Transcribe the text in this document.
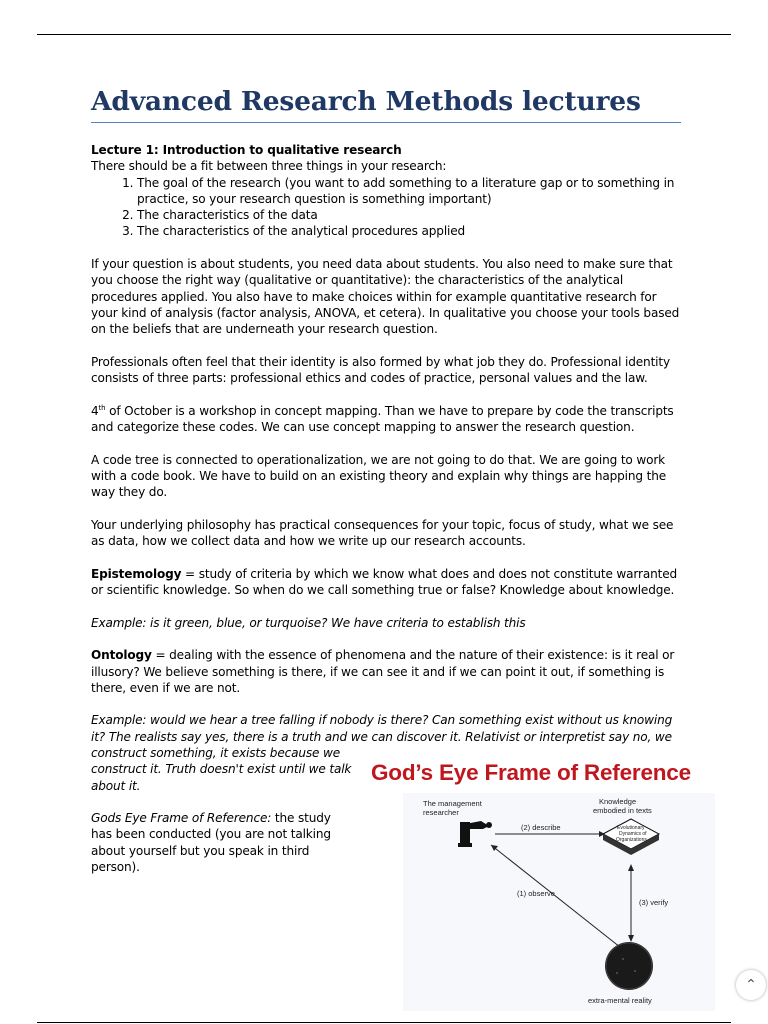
Advanced Research Methods lectures
Lecture 1: Introduction to qualitative research
There should be a fit between three things in your research:
1. The goal of the research (you want to add something to a literature gap or to something in practice, so your research question is something important)
2. The characteristics of the data
3. The characteristics of the analytical procedures applied

If your question is about students, you need data about students. You also need to make sure that you choose the right way (qualitative or quantitative): the characteristics of the analytical procedures applied. You also have to make choices within for example quantitative research for your kind of analysis (factor analysis, ANOVA, et cetera). In qualitative you choose your tools based on the beliefs that are underneath your research question.

Professionals often feel that their identity is also formed by what job they do. Professional identity consists of three parts: professional ethics and codes of practice, personal values and the law.

4th of October is a workshop in concept mapping. Than we have to prepare by code the transcripts and categorize these codes. We can use concept mapping to answer the research question.

A code tree is connected to operationalization, we are not going to do that. We are going to work with a code book. We have to build on an existing theory and explain why things are happing the way they do.

Your underlying philosophy has practical consequences for your topic, focus of study, what we see as data, how we collect data and how we write up our research accounts.

Epistemology = study of criteria by which we know what does and does not constitute warranted or scientific knowledge. So when do we call something true or false? Knowledge about knowledge.

Example: is it green, blue, or turquoise? We have criteria to establish this

Ontology = dealing with the essence of phenomena and the nature of their existence: is it real or illusory? We believe something is there, if we can see it and if we can point it out, if something is there, even if we are not.

Example: would we hear a tree falling if nobody is there? Can something exist without us knowing it? The realists say yes, there is a truth and we can discover it. Relativist or interpretist say no, we

construct something, it exists because we construct it. Truth doesn't exist until we talk about it.

Gods Eye Frame of Reference: the study has been conducted (you are not talking about yourself but you speak in third person).

God’s Eye Frame of Reference
The management
researcher
Knowledge
embodied in texts
Evolutionary
Dynamics of
Organizations
(2) describe
(1) observe
(3) verify
extra-mental reality
⌃
